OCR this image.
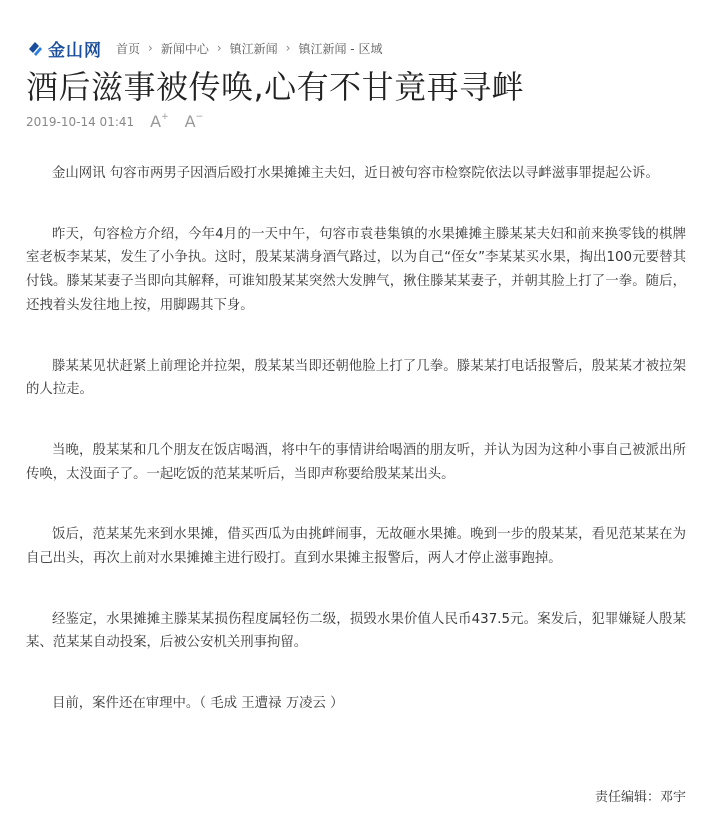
金山网 首页 › 新闻中心 › 镇江新闻 › 镇江新闻 - 区域
酒后滋事被传唤,心有不甘竟再寻衅
2019-10-14 01:41 A+ A−

金山网讯 句容市两男子因酒后殴打水果摊摊主夫妇，近日被句容市检察院依法以寻衅滋事罪提起公诉。

昨天，句容检方介绍，今年4月的一天中午，句容市袁巷集镇的水果摊摊主滕某某夫妇和前来换零钱的棋牌室老板李某某，发生了小争执。这时，殷某某满身酒气路过，以为自己“侄女”李某某买水果，掏出100元要替其付钱。滕某某妻子当即向其解释，可谁知殷某某突然大发脾气，揪住滕某某妻子，并朝其脸上打了一拳。随后，还拽着头发往地上按，用脚踢其下身。

滕某某见状赶紧上前理论并拉架，殷某某当即还朝他脸上打了几拳。滕某某打电话报警后，殷某某才被拉架的人拉走。

当晚，殷某某和几个朋友在饭店喝酒，将中午的事情讲给喝酒的朋友听，并认为因为这种小事自己被派出所传唤，太没面子了。一起吃饭的范某某听后，当即声称要给殷某某出头。

饭后，范某某先来到水果摊，借买西瓜为由挑衅闹事，无故砸水果摊。晚到一步的殷某某，看见范某某在为自己出头，再次上前对水果摊摊主进行殴打。直到水果摊主报警后，两人才停止滋事跑掉。

经鉴定，水果摊摊主滕某某损伤程度属轻伤二级，损毁水果价值人民币437.5元。案发后，犯罪嫌疑人殷某某、范某某自动投案，后被公安机关刑事拘留。

目前，案件还在审理中。（ 毛成 王遭禄 万凌云 ）

责任编辑：邓宇
